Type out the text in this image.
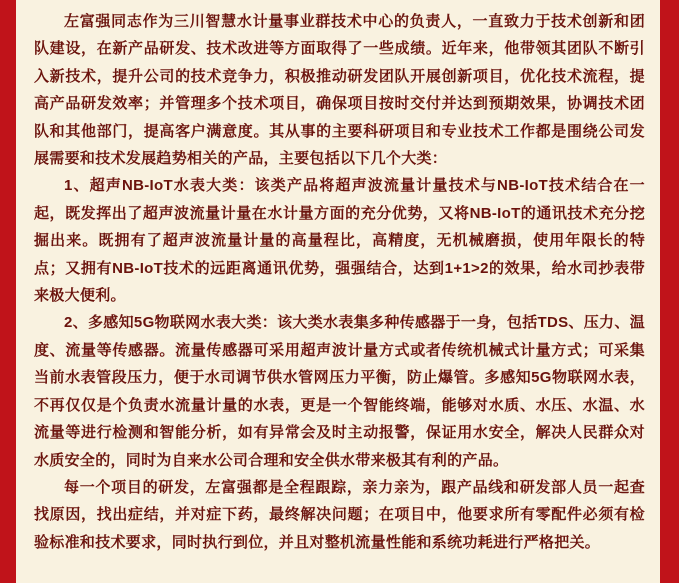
左富强同志作为三川智慧水计量事业群技术中心的负责人，一直致力于技术创新和团队建设，在新产品研发、技术改进等方面取得了一些成绩。近年来，他带领其团队不断引入新技术，提升公司的技术竞争力，积极推动研发团队开展创新项目，优化技术流程，提高产品研发效率；并管理多个技术项目，确保项目按时交付并达到预期效果，协调技术团队和其他部门，提高客户满意度。其从事的主要科研项目和专业技术工作都是围绕公司发展需要和技术发展趋势相关的产品，主要包括以下几个大类：

1、超声NB-IoT水表大类：该类产品将超声波流量计量技术与NB-IoT技术结合在一起，既发挥出了超声波流量计量在水计量方面的充分优势，又将NB-IoT的通讯技术充分挖掘出来。既拥有了超声波流量计量的高量程比，高精度，无机械磨损，使用年限长的特点；又拥有NB-IoT技术的远距离通讯优势，强强结合，达到1+1>2的效果，给水司抄表带来极大便利。

2、多感知5G物联网水表大类：该大类水表集多种传感器于一身，包括TDS、压力、温度、流量等传感器。流量传感器可采用超声波计量方式或者传统机械式计量方式；可采集当前水表管段压力，便于水司调节供水管网压力平衡，防止爆管。多感知5G物联网水表，不再仅仅是个负责水流量计量的水表，更是一个智能终端，能够对水质、水压、水温、水流量等进行检测和智能分析，如有异常会及时主动报警，保证用水安全，解决人民群众对水质安全的，同时为自来水公司合理和安全供水带来极其有利的产品。

每一个项目的研发，左富强都是全程跟踪，亲力亲为，跟产品线和研发部人员一起查找原因，找出症结，并对症下药，最终解决问题；在项目中，他要求所有零配件必须有检验标准和技术要求，同时执行到位，并且对整机流量性能和系统功耗进行严格把关。
